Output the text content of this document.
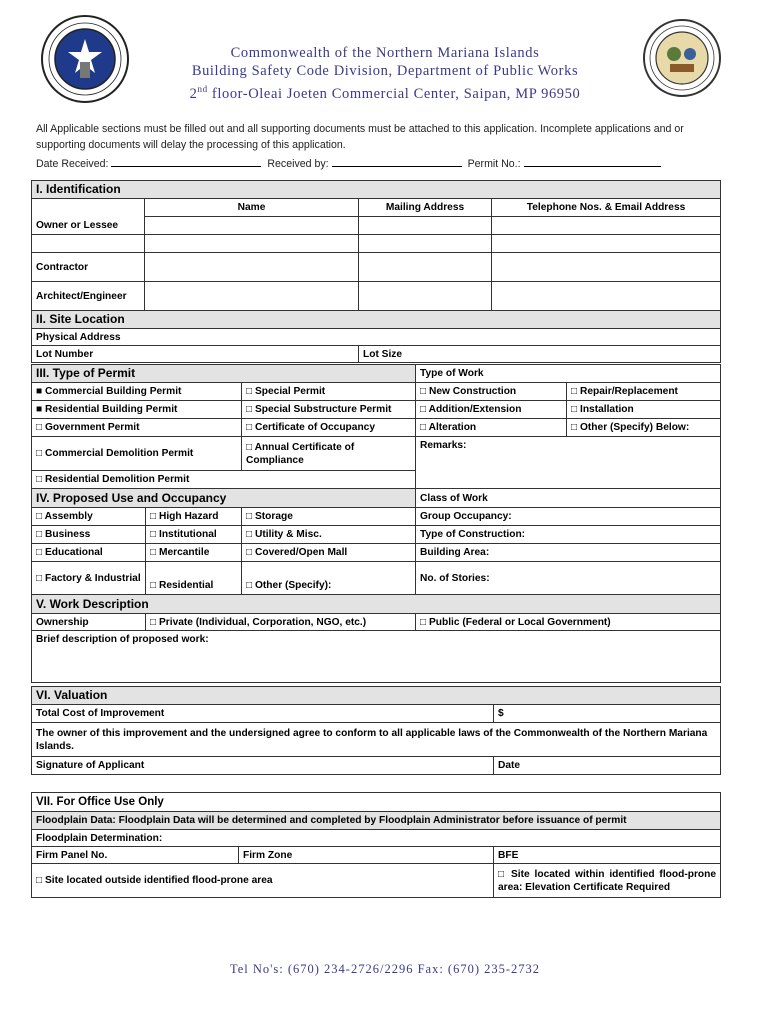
Commonwealth of the Northern Mariana Islands
Building Safety Code Division, Department of Public Works
2nd floor-Oleai Joeten Commercial Center, Saipan, MP 96950
All Applicable sections must be filled out and all supporting documents must be attached to this application. Incomplete applications and or supporting documents will delay the processing of this application.
Date Received:	Received by:	Permit No.:
I. Identification			
	Name	Mailing Address	Telephone Nos. & Email Address
Owner or Lessee			

Contractor			
Architect/Engineer			
II. Site Location
Physical Address
Lot Number	Lot Size
III. Type of Permit			Type of Work	
■ Commercial Building Permit		□ Special Permit	□ New Construction	□ Repair/Replacement
■ Residential Building Permit		□ Special Substructure Permit	□ Addition/Extension	□ Installation
□ Government Permit		□ Certificate of Occupancy	□ Alteration	□ Other (Specify) Below:
□ Commercial Demolition Permit		□ Annual Certificate of Compliance	Remarks:	
□ Residential Demolition Permit				
IV. Proposed Use and Occupancy			Class of Work	
□ Assembly	□ High Hazard	□ Storage	Group Occupancy:	
□ Business	□ Institutional	□ Utility & Misc.	Type of Construction:	
□ Educational	□ Mercantile	□ Covered/Open Mall	Building Area:	
□ Factory & Industrial	□ Residential	□ Other (Specify):	No. of Stories:	
V. Work Description				
Ownership	□ Private (Individual, Corporation, NGO, etc.)		□ Public (Federal or Local Government)	
Brief description of proposed work:				
VI. Valuation	
Total Cost of Improvement	$
The owner of this improvement and the undersigned agree to conform to all applicable laws of the Commonwealth of the Northern Mariana Islands.	
Signature of Applicant	Date
VII. For Office Use Only		
Floodplain Data: Floodplain Data will be determined and completed by Floodplain Administrator before issuance of permit		
Floodplain Determination:		
Firm Panel No.	Firm Zone	BFE
□ Site located outside identified flood-prone area		□ Site located within identified flood-prone area: Elevation Certificate Required
Tel No's: (670) 234-2726/2296 Fax: (670) 235-2732
